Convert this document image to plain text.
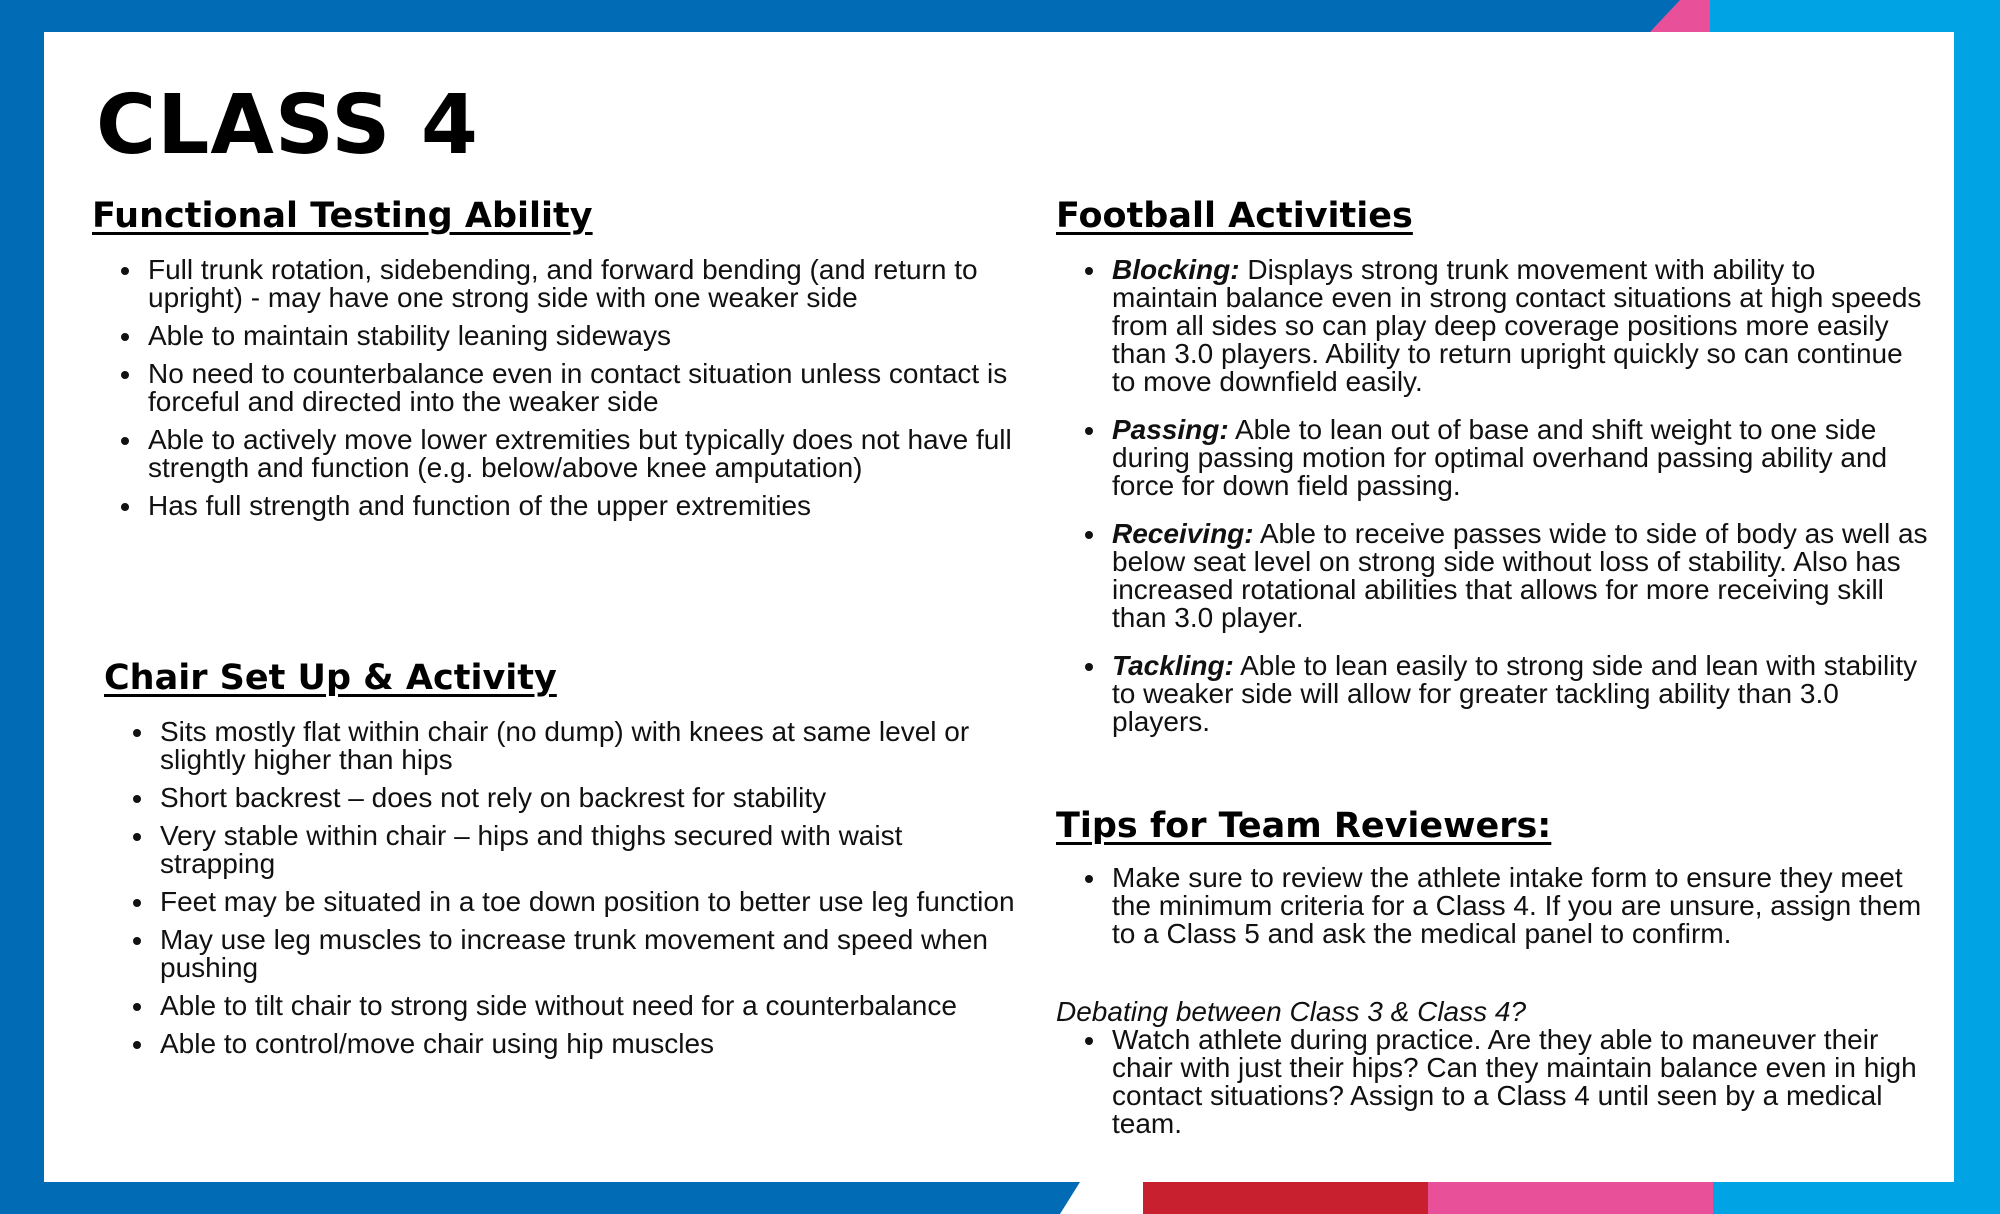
CLASS 4
Functional Testing Ability
• Full trunk rotation, sidebending, and forward bending (and return to upright) - may have one strong side with one weaker side
• Able to maintain stability leaning sideways
• No need to counterbalance even in contact situation unless contact is forceful and directed into the weaker side
• Able to actively move lower extremities but typically does not have full strength and function (e.g. below/above knee amputation)
• Has full strength and function of the upper extremities
Chair Set Up & Activity
• Sits mostly flat within chair (no dump) with knees at same level or slightly higher than hips
• Short backrest – does not rely on backrest for stability
• Very stable within chair – hips and thighs secured with waist strapping
• Feet may be situated in a toe down position to better use leg function
• May use leg muscles to increase trunk movement and speed when pushing
• Able to tilt chair to strong side without need for a counterbalance
• Able to control/move chair using hip muscles
Football Activities
• Blocking: Displays strong trunk movement with ability to maintain balance even in strong contact situations at high speeds from all sides so can play deep coverage positions more easily than 3.0 players. Ability to return upright quickly so can continue to move downfield easily.
• Passing: Able to lean out of base and shift weight to one side during passing motion for optimal overhand passing ability and force for down field passing.
• Receiving: Able to receive passes wide to side of body as well as below seat level on strong side without loss of stability. Also has increased rotational abilities that allows for more receiving skill than 3.0 player.
• Tackling: Able to lean easily to strong side and lean with stability to weaker side will allow for greater tackling ability than 3.0 players.
Tips for Team Reviewers:
• Make sure to review the athlete intake form to ensure they meet the minimum criteria for a Class 4. If you are unsure, assign them to a Class 5 and ask the medical panel to confirm.

Debating between Class 3 & Class 4?

• Watch athlete during practice. Are they able to maneuver their chair with just their hips? Can they maintain balance even in high contact situations? Assign to a Class 4 until seen by a medical team.
